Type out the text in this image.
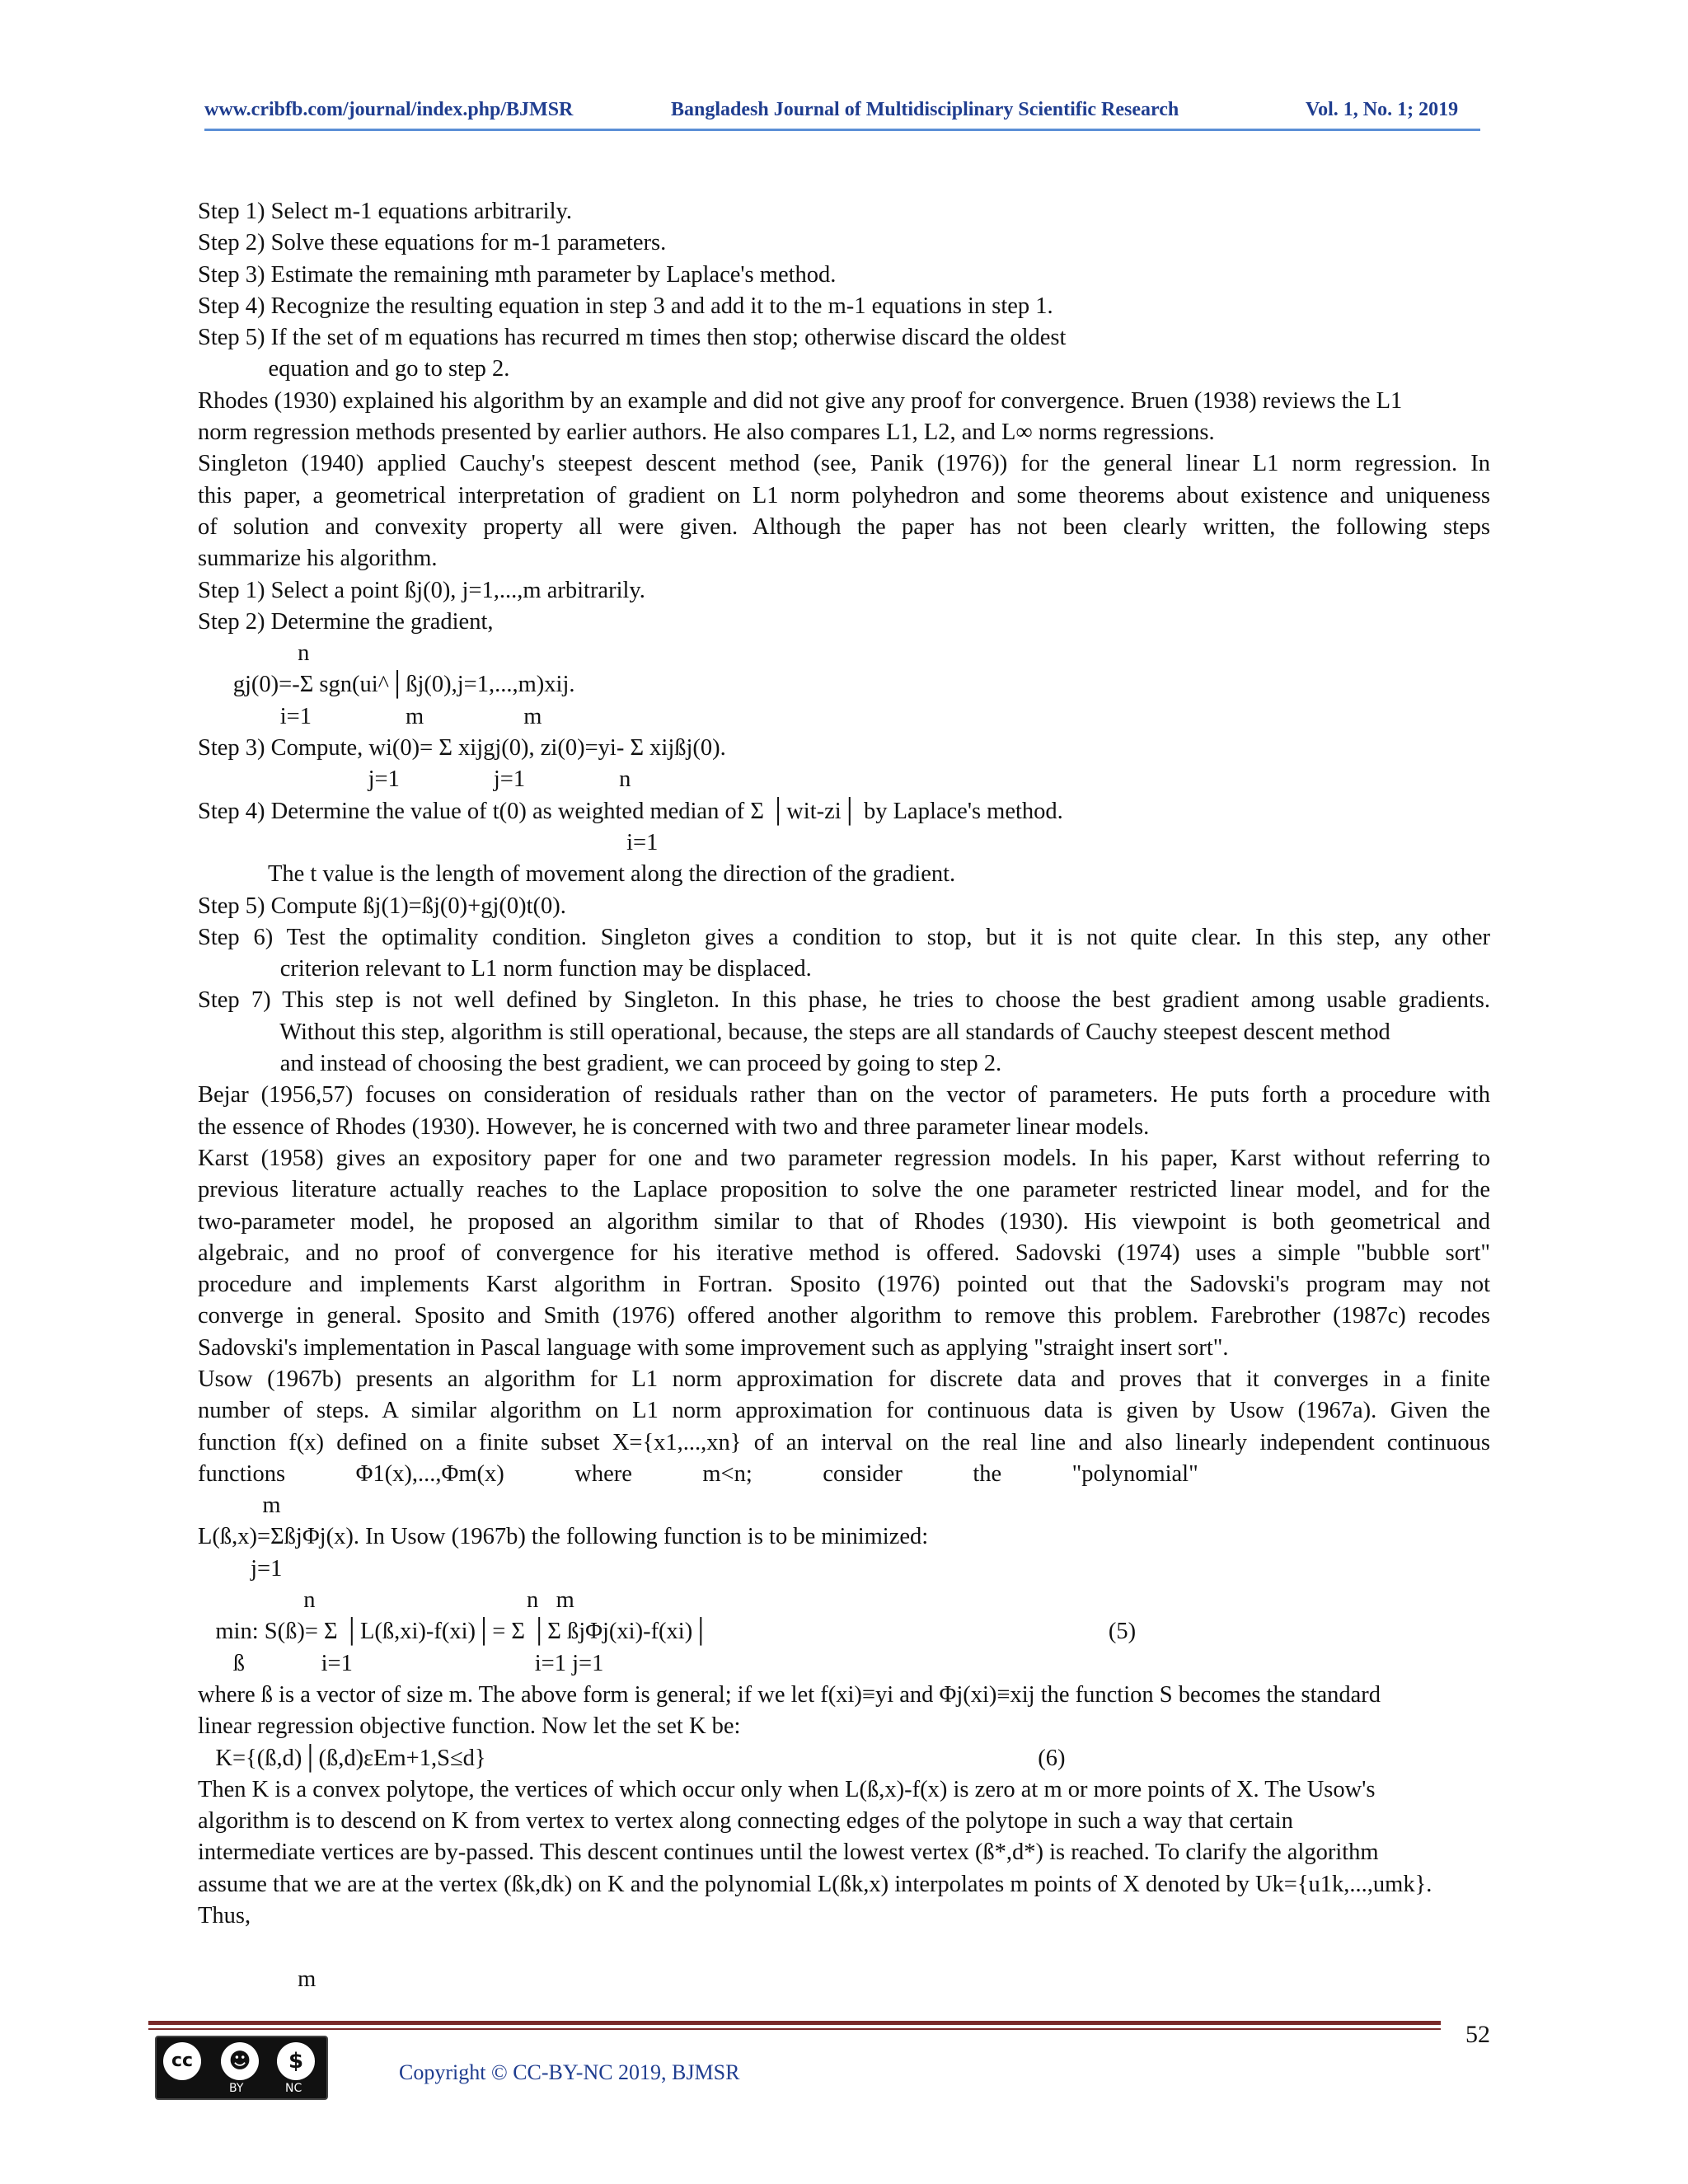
www.cribfb.com/journal/index.php/BJMSR	Bangladesh Journal of Multidisciplinary Scientific Research	Vol. 1, No. 1; 2019
Step 1) Select m-1 equations arbitrarily.
Step 2) Solve these equations for m-1 parameters.
Step 3) Estimate the remaining mth parameter by Laplace's method.
Step 4) Recognize the resulting equation in step 3 and add it to the m-1 equations in step 1.
Step 5) If the set of m equations has recurred m times then stop; otherwise discard the oldest
equation and go to step 2.
Rhodes (1930) explained his algorithm by an example and did not give any proof for convergence. Bruen (1938) reviews the L1
norm regression methods presented by earlier authors. He also compares L1, L2, and L∞ norms regressions.
Singleton (1940) applied Cauchy's steepest descent method (see, Panik (1976)) for the general linear L1 norm regression. In
this paper, a geometrical interpretation of gradient on L1 norm polyhedron and some theorems about existence and uniqueness
of solution and convexity property all were given. Although the paper has not been clearly written, the following steps
summarize his algorithm.
Step 1) Select a point ßj(0), j=1,...,m arbitrarily.
Step 2) Determine the gradient,
n
gj(0)=-Σ sgn(ui^│ßj(0),j=1,...,m)xij.
i=1                m                 m
Step 3) Compute, wi(0)= Σ xijgj(0), zi(0)=yi- Σ xijßj(0).
j=1                j=1                n
Step 4) Determine the value of t(0) as weighted median of Σ │wit-zi│ by Laplace's method.
i=1
The t value is the length of movement along the direction of the gradient.
Step 5) Compute ßj(1)=ßj(0)+gj(0)t(0).
Step 6) Test the optimality condition. Singleton gives a condition to stop, but it is not quite clear. In this step, any other
criterion relevant to L1 norm function may be displaced.
Step 7) This step is not well defined by Singleton. In this phase, he tries to choose the best gradient among usable gradients.
Without this step, algorithm is still operational, because, the steps are all standards of Cauchy steepest descent method
and instead of choosing the best gradient, we can proceed by going to step 2.
Bejar (1956,57) focuses on consideration of residuals rather than on the vector of parameters. He puts forth a procedure with
the essence of Rhodes (1930). However, he is concerned with two and three parameter linear models.
Karst (1958) gives an expository paper for one and two parameter regression models. In his paper, Karst without referring to
previous literature actually reaches to the Laplace proposition to solve the one parameter restricted linear model, and for the
two-parameter model, he proposed an algorithm similar to that of Rhodes (1930). His viewpoint is both geometrical and
algebraic, and no proof of convergence for his iterative method is offered. Sadovski (1974) uses a simple "bubble sort"
procedure and implements Karst algorithm in Fortran. Sposito (1976) pointed out that the Sadovski's program may not
converge in general. Sposito and Smith (1976) offered another algorithm to remove this problem. Farebrother (1987c) recodes
Sadovski's implementation in Pascal language with some improvement such as applying "straight insert sort".
Usow (1967b) presents an algorithm for L1 norm approximation for discrete data and proves that it converges in a finite
number of steps. A similar algorithm on L1 norm approximation for continuous data is given by Usow (1967a). Given the
function f(x) defined on a finite subset X={x1,...,xn} of an interval on the real line and also linearly independent continuous
functions            Φ1(x),...,Φm(x)            where            m<n;            consider            the            "polynomial"
m
L(ß,x)=ΣßjΦj(x). In Usow (1967b) the following function is to be minimized:
j=1
n                                    n   m
min: S(ß)= Σ │L(ß,xi)-f(xi)│= Σ │Σ ßjΦj(xi)-f(xi)│                                                                    (5)
ß             i=1                               i=1 j=1
where ß is a vector of size m. The above form is general; if we let f(xi)≡yi and Φj(xi)≡xij the function S becomes the standard
linear regression objective function. Now let the set K be:
K={(ß,d)│(ß,d)εEm+1,S≤d}                                                                                              (6)
Then K is a convex polytope, the vertices of which occur only when L(ß,x)-f(x) is zero at m or more points of X. The Usow's
algorithm is to descend on K from vertex to vertex along connecting edges of the polytope in such a way that certain
intermediate vertices are by-passed. This descent continues until the lowest vertex (ß*,d*) is reached. To clarify the algorithm
assume that we are at the vertex (ßk,dk) on K and the polynomial L(ßk,x) interpolates m points of X denoted by Uk={u1k,...,umk}.
Thus,
m
52
cc	☻	$
BY	NC
Copyright © CC-BY-NC 2019, BJMSR
